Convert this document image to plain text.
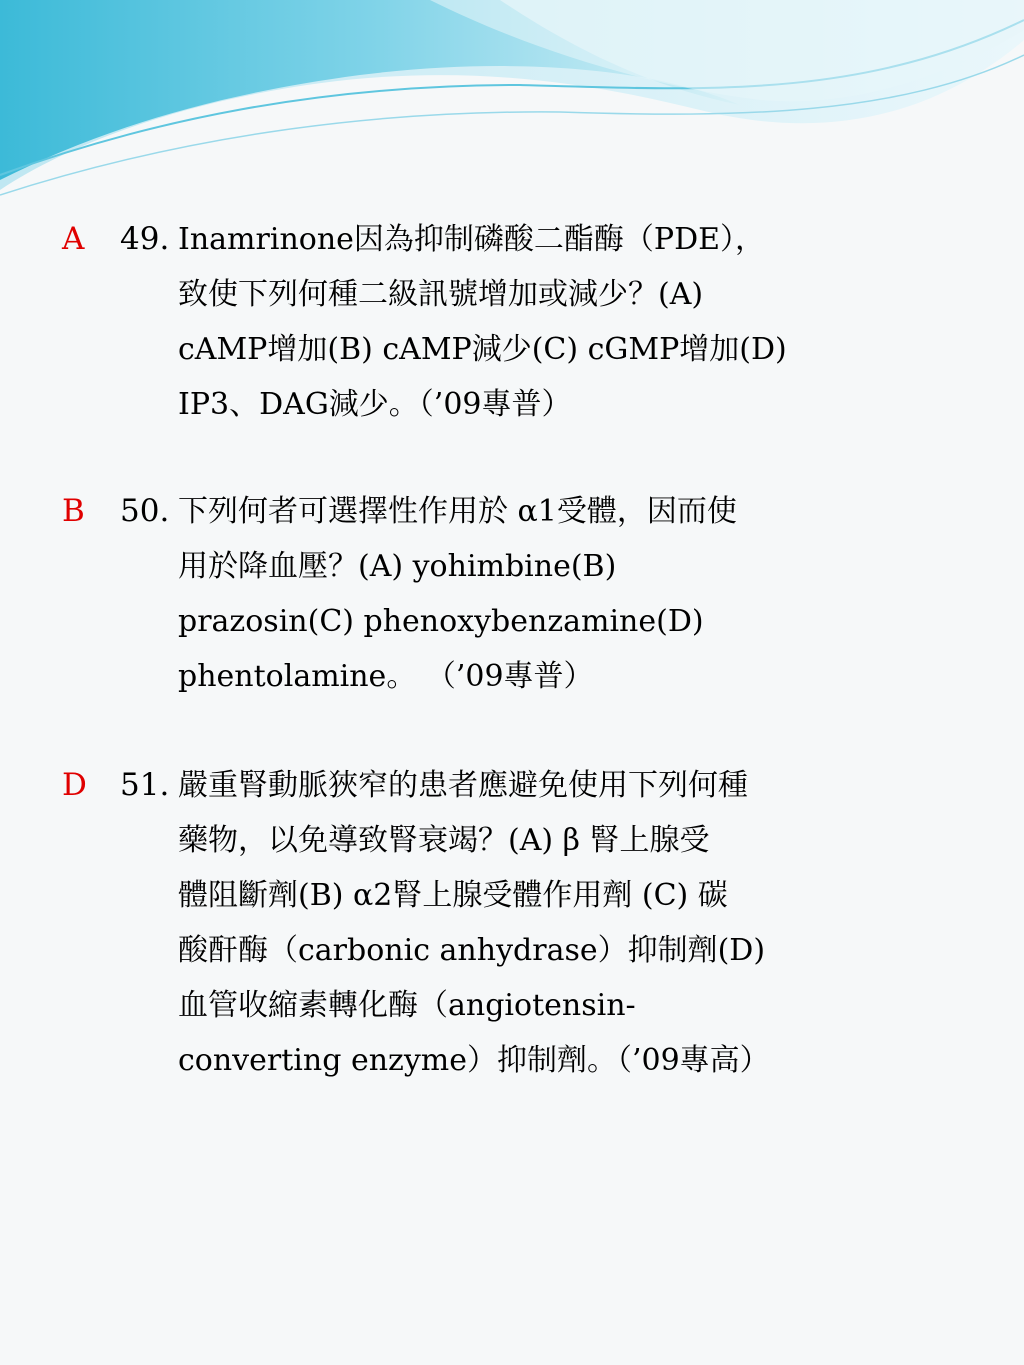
A 49. Inamrinone因為抑制磷酸二酯酶（PDE），
致使下列何種二級訊號增加或減少？(A)
cAMP增加(B) cAMP減少(C) cGMP增加(D)
IP3、DAG減少。（’09專普）
B 50. 下列何者可選擇性作用於 α1受體，因而使
用於降血壓？(A) yohimbine(B)
prazosin(C) phenoxybenzamine(D)
phentolamine。 （’09專普）
D 51. 嚴重腎動脈狹窄的患者應避免使用下列何種
藥物，以免導致腎衰竭？(A) β 腎上腺受
體阻斷劑(B) α2腎上腺受體作用劑 (C) 碳
酸酐酶（carbonic anhydrase）抑制劑(D)
血管收縮素轉化酶（angiotensin-
converting enzyme）抑制劑。（’09專高）
